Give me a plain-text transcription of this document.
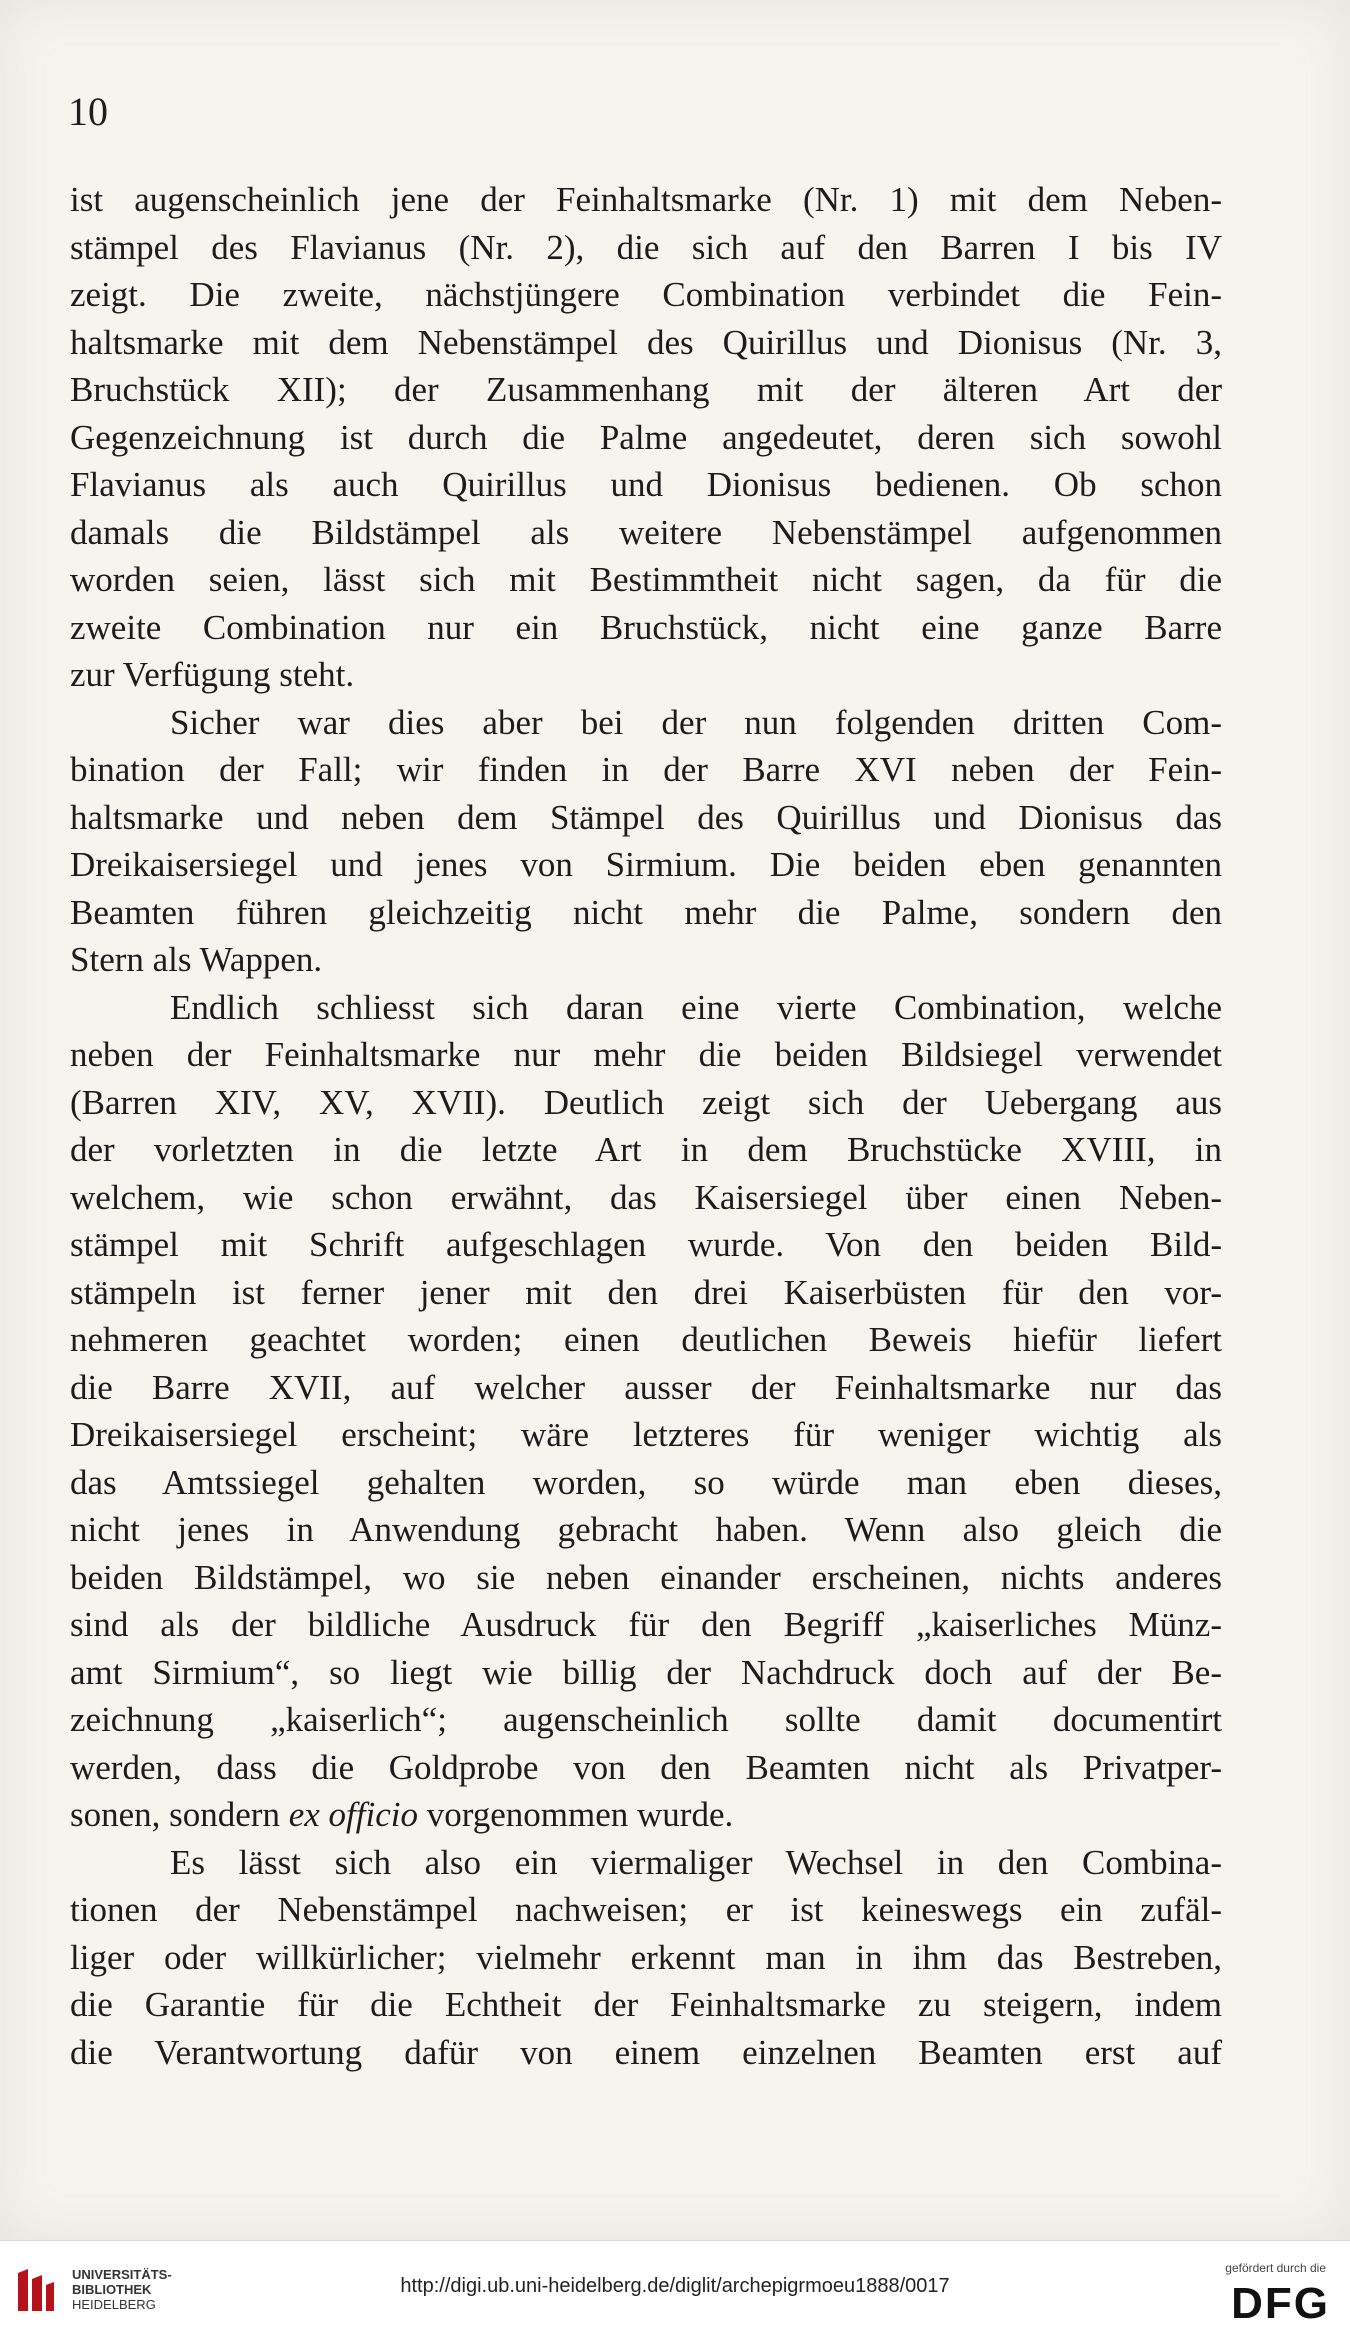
10
ist augenscheinlich jene der Feinhaltsmarke (Nr. 1) mit dem Neben-
stämpel des Flavianus (Nr. 2), die sich auf den Barren I bis IV
zeigt. Die zweite, nächstjüngere Combination verbindet die Fein-
haltsmarke mit dem Nebenstämpel des Quirillus und Dionisus (Nr. 3,
Bruchstück XII); der Zusammenhang mit der älteren Art der
Gegenzeichnung ist durch die Palme angedeutet, deren sich sowohl
Flavianus als auch Quirillus und Dionisus bedienen. Ob schon
damals die Bildstämpel als weitere Nebenstämpel aufgenommen
worden seien, lässt sich mit Bestimmtheit nicht sagen, da für die
zweite Combination nur ein Bruchstück, nicht eine ganze Barre
zur Verfügung steht.
Sicher war dies aber bei der nun folgenden dritten Com-
bination der Fall; wir finden in der Barre XVI neben der Fein-
haltsmarke und neben dem Stämpel des Quirillus und Dionisus das
Dreikaisersiegel und jenes von Sirmium. Die beiden eben genannten
Beamten führen gleichzeitig nicht mehr die Palme, sondern den
Stern als Wappen.
Endlich schliesst sich daran eine vierte Combination, welche
neben der Feinhaltsmarke nur mehr die beiden Bildsiegel verwendet
(Barren XIV, XV, XVII). Deutlich zeigt sich der Uebergang aus
der vorletzten in die letzte Art in dem Bruchstücke XVIII, in
welchem, wie schon erwähnt, das Kaisersiegel über einen Neben-
stämpel mit Schrift aufgeschlagen wurde. Von den beiden Bild-
stämpeln ist ferner jener mit den drei Kaiserbüsten für den vor-
nehmeren geachtet worden; einen deutlichen Beweis hiefür liefert
die Barre XVII, auf welcher ausser der Feinhaltsmarke nur das
Dreikaisersiegel erscheint; wäre letzteres für weniger wichtig als
das Amtssiegel gehalten worden, so würde man eben dieses,
nicht jenes in Anwendung gebracht haben. Wenn also gleich die
beiden Bildstämpel, wo sie neben einander erscheinen, nichts anderes
sind als der bildliche Ausdruck für den Begriff „kaiserliches Münz-
amt Sirmium“, so liegt wie billig der Nachdruck doch auf der Be-
zeichnung „kaiserlich“; augenscheinlich sollte damit documentirt
werden, dass die Goldprobe von den Beamten nicht als Privatper-
sonen, sondern ex officio vorgenommen wurde.
Es lässt sich also ein viermaliger Wechsel in den Combina-
tionen der Nebenstämpel nachweisen; er ist keineswegs ein zufäl-
liger oder willkürlicher; vielmehr erkennt man in ihm das Bestreben,
die Garantie für die Echtheit der Feinhaltsmarke zu steigern, indem
die Verantwortung dafür von einem einzelnen Beamten erst auf
UNIVERSITÄTS-
BIBLIOTHEK
HEIDELBERG
http://digi.ub.uni-heidelberg.de/diglit/archepigrmoeu1888/0017
gefördert durch die
DFG
